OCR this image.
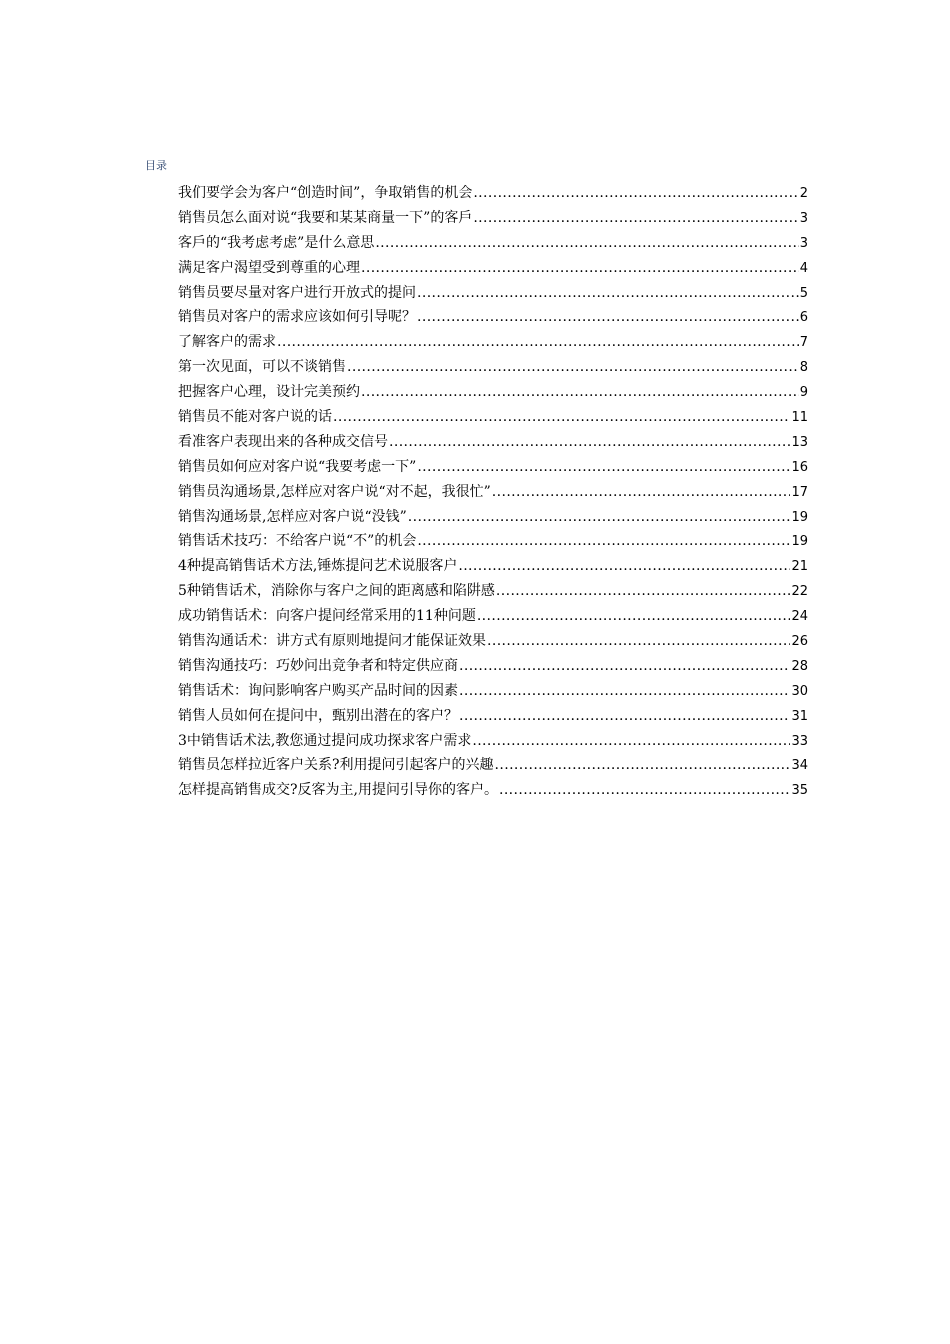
目录
我们要学会为客户“创造时间”，争取销售的机会 .....	2
销售员怎么面对说“我要和某某商量一下”的客戶 .....	3
客戶的“我考虑考虑”是什么意思 .....	3
满足客户渴望受到尊重的心理 .....	4
销售员要尽量对客户进行开放式的提问 .....	5
销售员对客户的需求应该如何引导呢？ .....	6
了解客户的需求 .....	7
第一次见面，可以不谈销售 .....	8
把握客户心理，设计完美预约 .....	9
销售员不能对客户说的话 .....	11
看准客户表现出来的各种成交信号 .....	13
销售员如何应对客户说“我要考虑一下” .....	16
销售员沟通场景,怎样应对客户说“对不起，我很忙” .....	17
销售沟通场景,怎样应对客户说“没钱” .....	19
销售话术技巧：不给客户说“不”的机会 .....	19
4种提高销售话术方法,锤炼提问艺术说服客户 .....	21
5种销售话术，消除你与客户之间的距离感和陷阱感 .....	22
成功销售话术：向客户提问经常采用的11种问题 .....	24
销售沟通话术：讲方式有原则地提问才能保证效果 .....	26
销售沟通技巧：巧妙问出竞争者和特定供应商 .....	28
销售话术：询问影响客户购买产品时间的因素 .....	30
销售人员如何在提问中，甄别出潜在的客户？ .....	31
3中销售话术法,教您通过提问成功探求客户需求 .....	33
销售员怎样拉近客户关系?利用提问引起客户的兴趣 .....	34
怎样提高销售成交?反客为主,用提问引导你的客户。 .....	35
